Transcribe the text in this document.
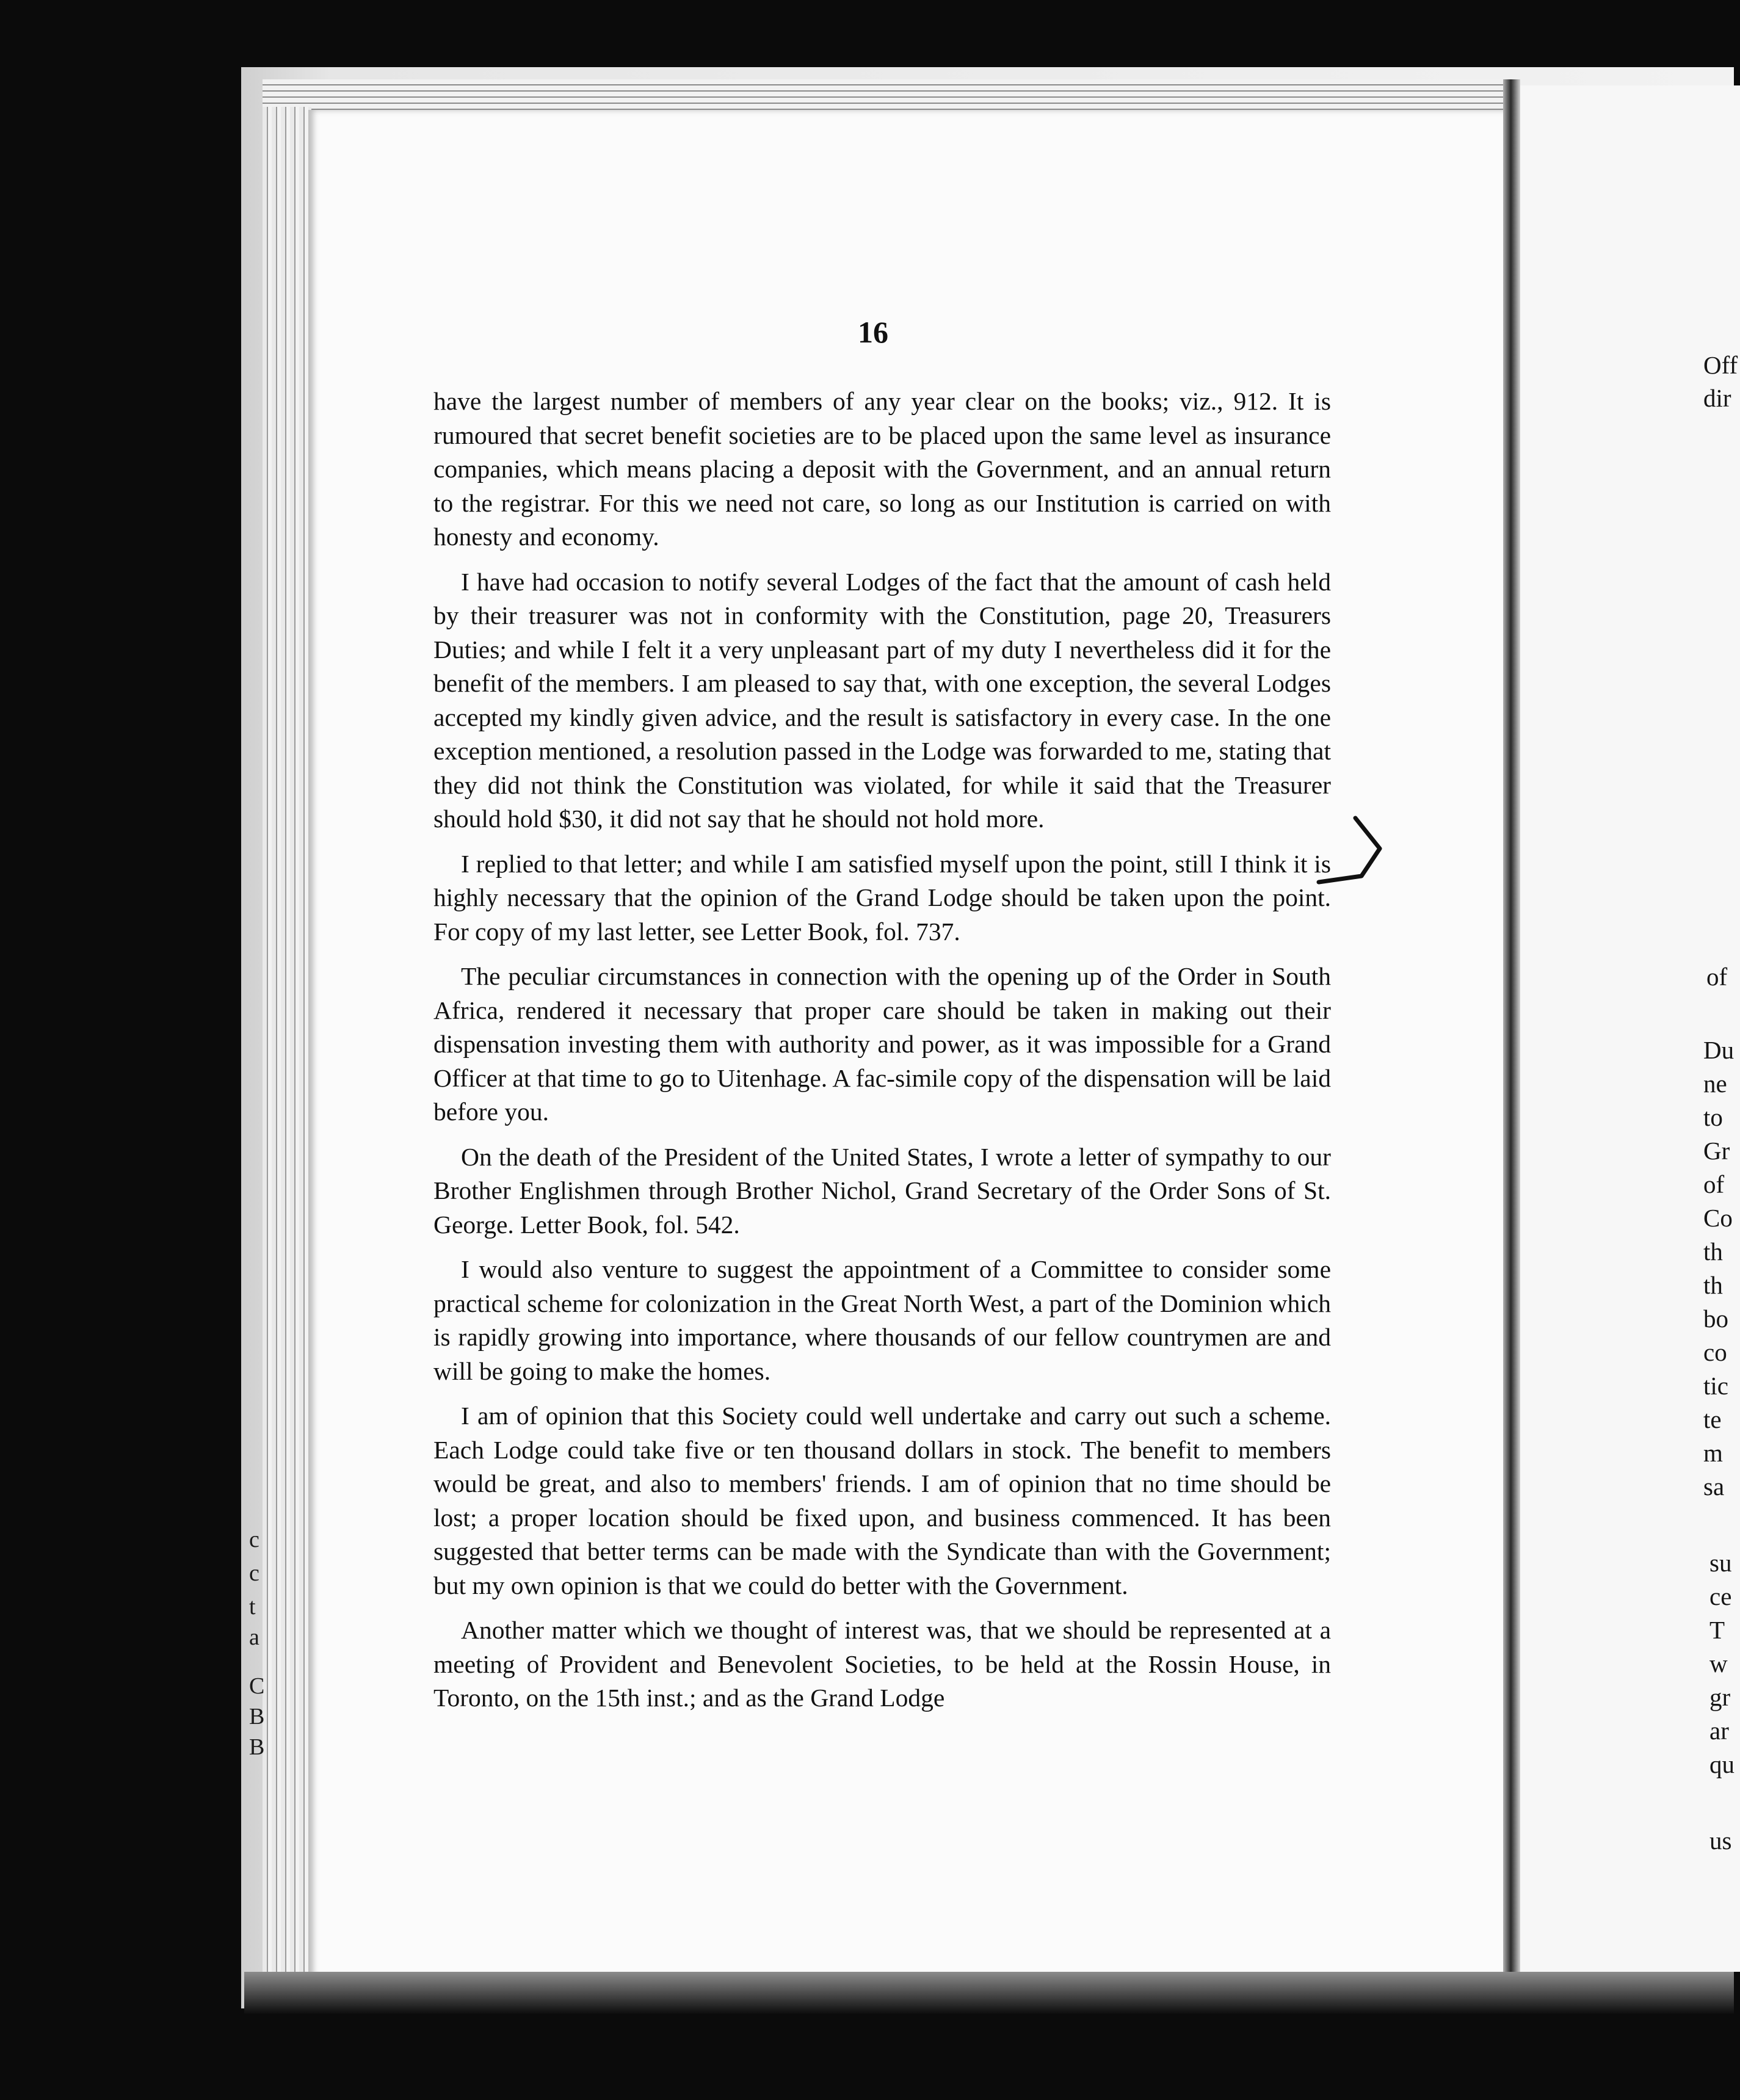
c
c
t
a
C
B
B
16

have the largest number of members of any year clear on the books; viz., 912. It is rumoured that secret benefit societies are to be placed upon the same level as insurance companies, which means placing a deposit with the Government, and an annual return to the registrar. For this we need not care, so long as our Institution is carried on with honesty and economy.

I have had occasion to notify several Lodges of the fact that the amount of cash held by their treasurer was not in conformity with the Constitution, page 20, Treasurers Duties; and while I felt it a very unpleasant part of my duty I nevertheless did it for the benefit of the members. I am pleased to say that, with one exception, the several Lodges accepted my kindly given advice, and the result is satisfactory in every case. In the one exception mentioned, a resolution passed in the Lodge was forwarded to me, stating that they did not think the Constitution was violated, for while it said that the Treasurer should hold $30, it did not say that he should not hold more.

I replied to that letter; and while I am satisfied myself upon the point, still I think it is highly necessary that the opinion of the Grand Lodge should be taken upon the point. For copy of my last letter, see Letter Book, fol. 737.

The peculiar circumstances in connection with the opening up of the Order in South Africa, rendered it necessary that proper care should be taken in making out their dispensation investing them with authority and power, as it was impossible for a Grand Officer at that time to go to Uitenhage. A fac-simile copy of the dispensation will be laid before you.

On the death of the President of the United States, I wrote a letter of sympathy to our Brother Englishmen through Brother Nichol, Grand Secretary of the Order Sons of St. George. Letter Book, fol. 542.

I would also venture to suggest the appointment of a Committee to consider some practical scheme for colonization in the Great North West, a part of the Dominion which is rapidly growing into importance, where thousands of our fellow countrymen are and will be going to make the homes.

I am of opinion that this Society could well undertake and carry out such a scheme. Each Lodge could take five or ten thousand dollars in stock. The benefit to members would be great, and also to members' friends. I am of opinion that no time should be lost; a proper location should be fixed upon, and business commenced. It has been suggested that better terms can be made with the Syndicate than with the Government; but my own opinion is that we could do better with the Government.

Another matter which we thought of interest was, that we should be represented at a meeting of Provident and Benevolent Societies, to be held at the Rossin House, in Toronto, on the 15th inst.; and as the Grand Lodge

Off
dir
of
Du
ne
to
Gr
of
Co
th
th
bo
co
tic
te
m
sa
su
ce
T
w
gr
ar
qu
us
